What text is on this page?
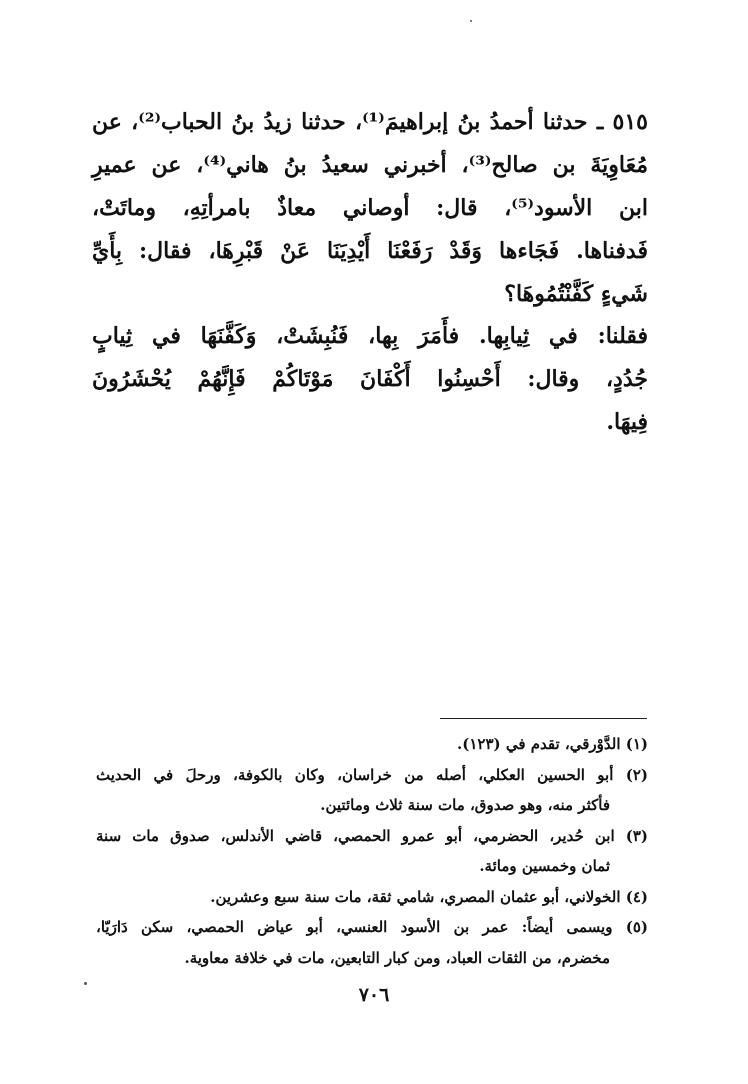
٥١٥ ـ حدثنا أحمدُ بنُ إبراهيمَ⁽¹⁾، حدثنا زيدُ بنُ الحباب⁽²⁾، عن
مُعَاوِيَةَ بن صالح⁽³⁾، أخبرني سعيدُ بنُ هاني⁽⁴⁾، عن عميرِ
ابن الأسود⁽⁵⁾، قال: أوصاني معاذٌ بامرأتِهِ، وماتَتْ،
فَدفناها. فَجَاءها وَقَدْ رَفَعْنَا أَيْدِيَنَا عَنْ قَبْرِهَا، فقال: بِأَيِّ
شَيءٍ كَفَّنْتُمُوهَا؟
فقلنا: في ثِيابِها. فأَمَرَ بِها، فَنُبِشَتْ، وَكَفَّنَهَا في ثِيابٍ
جُدُدٍ، وقال: أَحْسِنُوا أَكْفَانَ مَوْتَاكُمْ فَإِنَّهُمْ يُحْشَرُونَ
فِيهَا.
(١) الدَّوْرقي، تقدم في (١٢٣).
(٢) أبو الحسين العكلي، أصله من خراسان، وكان بالكوفة، ورحلَ في الحديث
فأكثر منه، وهو صدوق، مات سنة ثلاث ومائتين.
(٣) ابن حُدير، الحضرمي، أبو عمرو الحمصي، قاضي الأندلس، صدوق مات سنة
ثمان وخمسين ومائة.
(٤) الخولاني، أبو عثمان المصري، شامي ثقة، مات سنة سبع وعشرين.
(٥) ويسمى أيضاً: عمر بن الأسود العنسي، أبو عياض الحمصي، سكن دَارَيّا،
مخضرم، من الثقات العباد، ومن كبار التابعين، مات في خلافة معاوية.
٧٠٦
